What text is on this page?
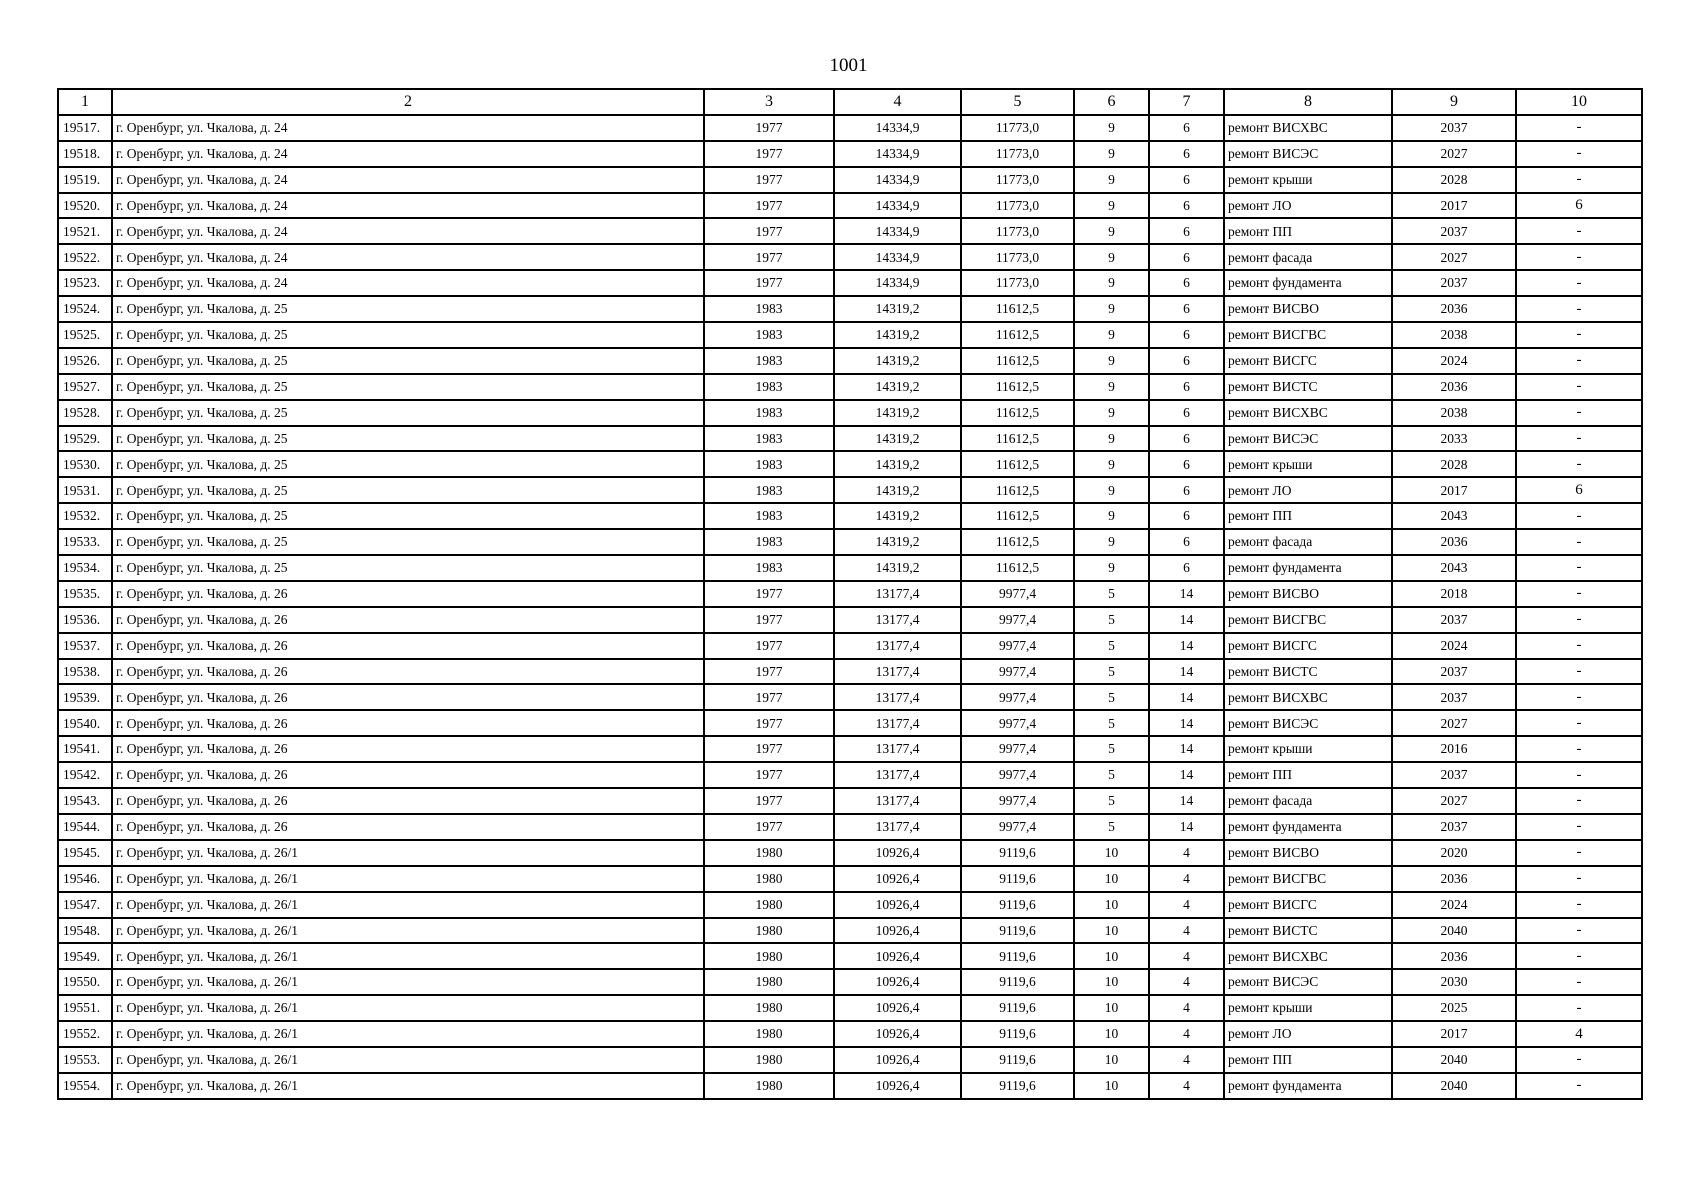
1001
1	2	3	4	5	6	7	8	9	10
19517.	г. Оренбург, ул. Чкалова, д. 24	1977	14334,9	11773,0	9	6	ремонт ВИСХВС	2037	-
19518.	г. Оренбург, ул. Чкалова, д. 24	1977	14334,9	11773,0	9	6	ремонт ВИСЭС	2027	-
19519.	г. Оренбург, ул. Чкалова, д. 24	1977	14334,9	11773,0	9	6	ремонт крыши	2028	-
19520.	г. Оренбург, ул. Чкалова, д. 24	1977	14334,9	11773,0	9	6	ремонт ЛО	2017	6
19521.	г. Оренбург, ул. Чкалова, д. 24	1977	14334,9	11773,0	9	6	ремонт ПП	2037	-
19522.	г. Оренбург, ул. Чкалова, д. 24	1977	14334,9	11773,0	9	6	ремонт фасада	2027	-
19523.	г. Оренбург, ул. Чкалова, д. 24	1977	14334,9	11773,0	9	6	ремонт фундамента	2037	-
19524.	г. Оренбург, ул. Чкалова, д. 25	1983	14319,2	11612,5	9	6	ремонт ВИСВО	2036	-
19525.	г. Оренбург, ул. Чкалова, д. 25	1983	14319,2	11612,5	9	6	ремонт ВИСГВС	2038	-
19526.	г. Оренбург, ул. Чкалова, д. 25	1983	14319,2	11612,5	9	6	ремонт ВИСГС	2024	-
19527.	г. Оренбург, ул. Чкалова, д. 25	1983	14319,2	11612,5	9	6	ремонт ВИСТС	2036	-
19528.	г. Оренбург, ул. Чкалова, д. 25	1983	14319,2	11612,5	9	6	ремонт ВИСХВС	2038	-
19529.	г. Оренбург, ул. Чкалова, д. 25	1983	14319,2	11612,5	9	6	ремонт ВИСЭС	2033	-
19530.	г. Оренбург, ул. Чкалова, д. 25	1983	14319,2	11612,5	9	6	ремонт крыши	2028	-
19531.	г. Оренбург, ул. Чкалова, д. 25	1983	14319,2	11612,5	9	6	ремонт ЛО	2017	6
19532.	г. Оренбург, ул. Чкалова, д. 25	1983	14319,2	11612,5	9	6	ремонт ПП	2043	-
19533.	г. Оренбург, ул. Чкалова, д. 25	1983	14319,2	11612,5	9	6	ремонт фасада	2036	-
19534.	г. Оренбург, ул. Чкалова, д. 25	1983	14319,2	11612,5	9	6	ремонт фундамента	2043	-
19535.	г. Оренбург, ул. Чкалова, д. 26	1977	13177,4	9977,4	5	14	ремонт ВИСВО	2018	-
19536.	г. Оренбург, ул. Чкалова, д. 26	1977	13177,4	9977,4	5	14	ремонт ВИСГВС	2037	-
19537.	г. Оренбург, ул. Чкалова, д. 26	1977	13177,4	9977,4	5	14	ремонт ВИСГС	2024	-
19538.	г. Оренбург, ул. Чкалова, д. 26	1977	13177,4	9977,4	5	14	ремонт ВИСТС	2037	-
19539.	г. Оренбург, ул. Чкалова, д. 26	1977	13177,4	9977,4	5	14	ремонт ВИСХВС	2037	-
19540.	г. Оренбург, ул. Чкалова, д. 26	1977	13177,4	9977,4	5	14	ремонт ВИСЭС	2027	-
19541.	г. Оренбург, ул. Чкалова, д. 26	1977	13177,4	9977,4	5	14	ремонт крыши	2016	-
19542.	г. Оренбург, ул. Чкалова, д. 26	1977	13177,4	9977,4	5	14	ремонт ПП	2037	-
19543.	г. Оренбург, ул. Чкалова, д. 26	1977	13177,4	9977,4	5	14	ремонт фасада	2027	-
19544.	г. Оренбург, ул. Чкалова, д. 26	1977	13177,4	9977,4	5	14	ремонт фундамента	2037	-
19545.	г. Оренбург, ул. Чкалова, д. 26/1	1980	10926,4	9119,6	10	4	ремонт ВИСВО	2020	-
19546.	г. Оренбург, ул. Чкалова, д. 26/1	1980	10926,4	9119,6	10	4	ремонт ВИСГВС	2036	-
19547.	г. Оренбург, ул. Чкалова, д. 26/1	1980	10926,4	9119,6	10	4	ремонт ВИСГС	2024	-
19548.	г. Оренбург, ул. Чкалова, д. 26/1	1980	10926,4	9119,6	10	4	ремонт ВИСТС	2040	-
19549.	г. Оренбург, ул. Чкалова, д. 26/1	1980	10926,4	9119,6	10	4	ремонт ВИСХВС	2036	-
19550.	г. Оренбург, ул. Чкалова, д. 26/1	1980	10926,4	9119,6	10	4	ремонт ВИСЭС	2030	-
19551.	г. Оренбург, ул. Чкалова, д. 26/1	1980	10926,4	9119,6	10	4	ремонт крыши	2025	-
19552.	г. Оренбург, ул. Чкалова, д. 26/1	1980	10926,4	9119,6	10	4	ремонт ЛО	2017	4
19553.	г. Оренбург, ул. Чкалова, д. 26/1	1980	10926,4	9119,6	10	4	ремонт ПП	2040	-
19554.	г. Оренбург, ул. Чкалова, д. 26/1	1980	10926,4	9119,6	10	4	ремонт фундамента	2040	-
